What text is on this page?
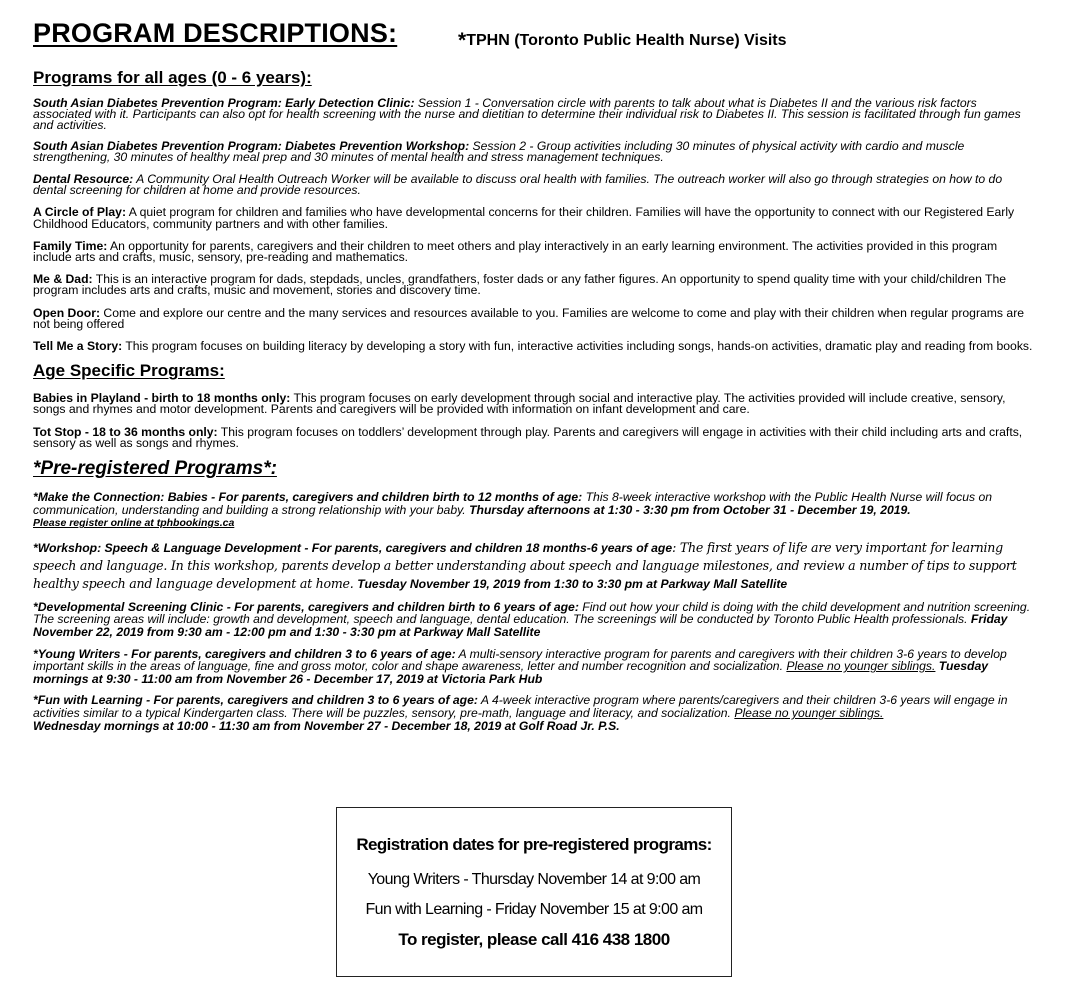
PROGRAM DESCRIPTIONS:	*TPHN (Toronto Public Health Nurse) Visits
Programs for all ages (0 - 6 years):

South Asian Diabetes Prevention Program: Early Detection Clinic: Session 1 - Conversation circle with parents to talk about what is Diabetes II and the various risk factors associated with it. Participants can also opt for health screening with the nurse and dietitian to determine their individual risk to Diabetes II. This session is facilitated through fun games and activities.

South Asian Diabetes Prevention Program: Diabetes Prevention Workshop: Session 2 - Group activities including 30 minutes of physical activity with cardio and muscle strengthening, 30 minutes of healthy meal prep and 30 minutes of mental health and stress management techniques.

Dental Resource: A Community Oral Health Outreach Worker will be available to discuss oral health with families. The outreach worker will also go through strategies on how to do dental screening for children at home and provide resources.

A Circle of Play: A quiet program for children and families who have developmental concerns for their children. Families will have the opportunity to connect with our Registered Early Childhood Educators, community partners and with other families.

Family Time: An opportunity for parents, caregivers and their children to meet others and play interactively in an early learning environment. The activities provided in this program include arts and crafts, music, sensory, pre-reading and mathematics.

Me & Dad: This is an interactive program for dads, stepdads, uncles, grandfathers, foster dads or any father figures. An opportunity to spend quality time with your child/children The program includes arts and crafts, music and movement, stories and discovery time.

Open Door: Come and explore our centre and the many services and resources available to you. Families are welcome to come and play with their children when regular programs are not being offered

Tell Me a Story: This program focuses on building literacy by developing a story with fun, interactive activities including songs, hands-on activities, dramatic play and reading from books.

Age Specific Programs:

Babies in Playland - birth to 18 months only: This program focuses on early development through social and interactive play. The activities provided will include creative, sensory, songs and rhymes and motor development. Parents and caregivers will be provided with information on infant development and care.

Tot Stop - 18 to 36 months only: This program focuses on toddlers’ development through play. Parents and caregivers will engage in activities with their child including arts and crafts, sensory as well as songs and rhymes.

*Pre-registered Programs*:

*Make the Connection: Babies - For parents, caregivers and children birth to 12 months of age: This 8-week interactive workshop with the Public Health Nurse will focus on communication, understanding and building a strong relationship with your baby. Thursday afternoons at 1:30 - 3:30 pm from October 31 - December 19, 2019.
Please register online at tphbookings.ca

*Workshop: Speech & Language Development - For parents, caregivers and children 18 months-6 years of age: The first years of life are very important for learning speech and language. In this workshop, parents develop a better understanding about speech and language milestones, and review a number of tips to support healthy speech and language development at home. Tuesday November 19, 2019 from 1:30 to 3:30 pm at Parkway Mall Satellite

*Developmental Screening Clinic - For parents, caregivers and children birth to 6 years of age: Find out how your child is doing with the child development and nutrition screening. The screening areas will include: growth and development, speech and language, dental education. The screenings will be conducted by Toronto Public Health professionals. Friday November 22, 2019 from 9:30 am - 12:00 pm and 1:30 - 3:30 pm at Parkway Mall Satellite

*Young Writers - For parents, caregivers and children 3 to 6 years of age: A multi-sensory interactive program for parents and caregivers with their children 3-6 years to develop important skills in the areas of language, fine and gross motor, color and shape awareness, letter and number recognition and socialization. Please no younger siblings. Tuesday mornings at 9:30 - 11:00 am from November 26 - December 17, 2019 at Victoria Park Hub

*Fun with Learning - For parents, caregivers and children 3 to 6 years of age: A 4-week interactive program where parents/caregivers and their children 3-6 years will engage in activities similar to a typical Kindergarten class. There will be puzzles, sensory, pre-math, language and literacy, and socialization. Please no younger siblings.
Wednesday mornings at 10:00 - 11:30 am from November 27 - December 18, 2019 at Golf Road Jr. P.S.

Registration dates for pre-registered programs:
Young Writers - Thursday November 14 at 9:00 am
Fun with Learning - Friday November 15 at 9:00 am
To register, please call 416 438 1800
